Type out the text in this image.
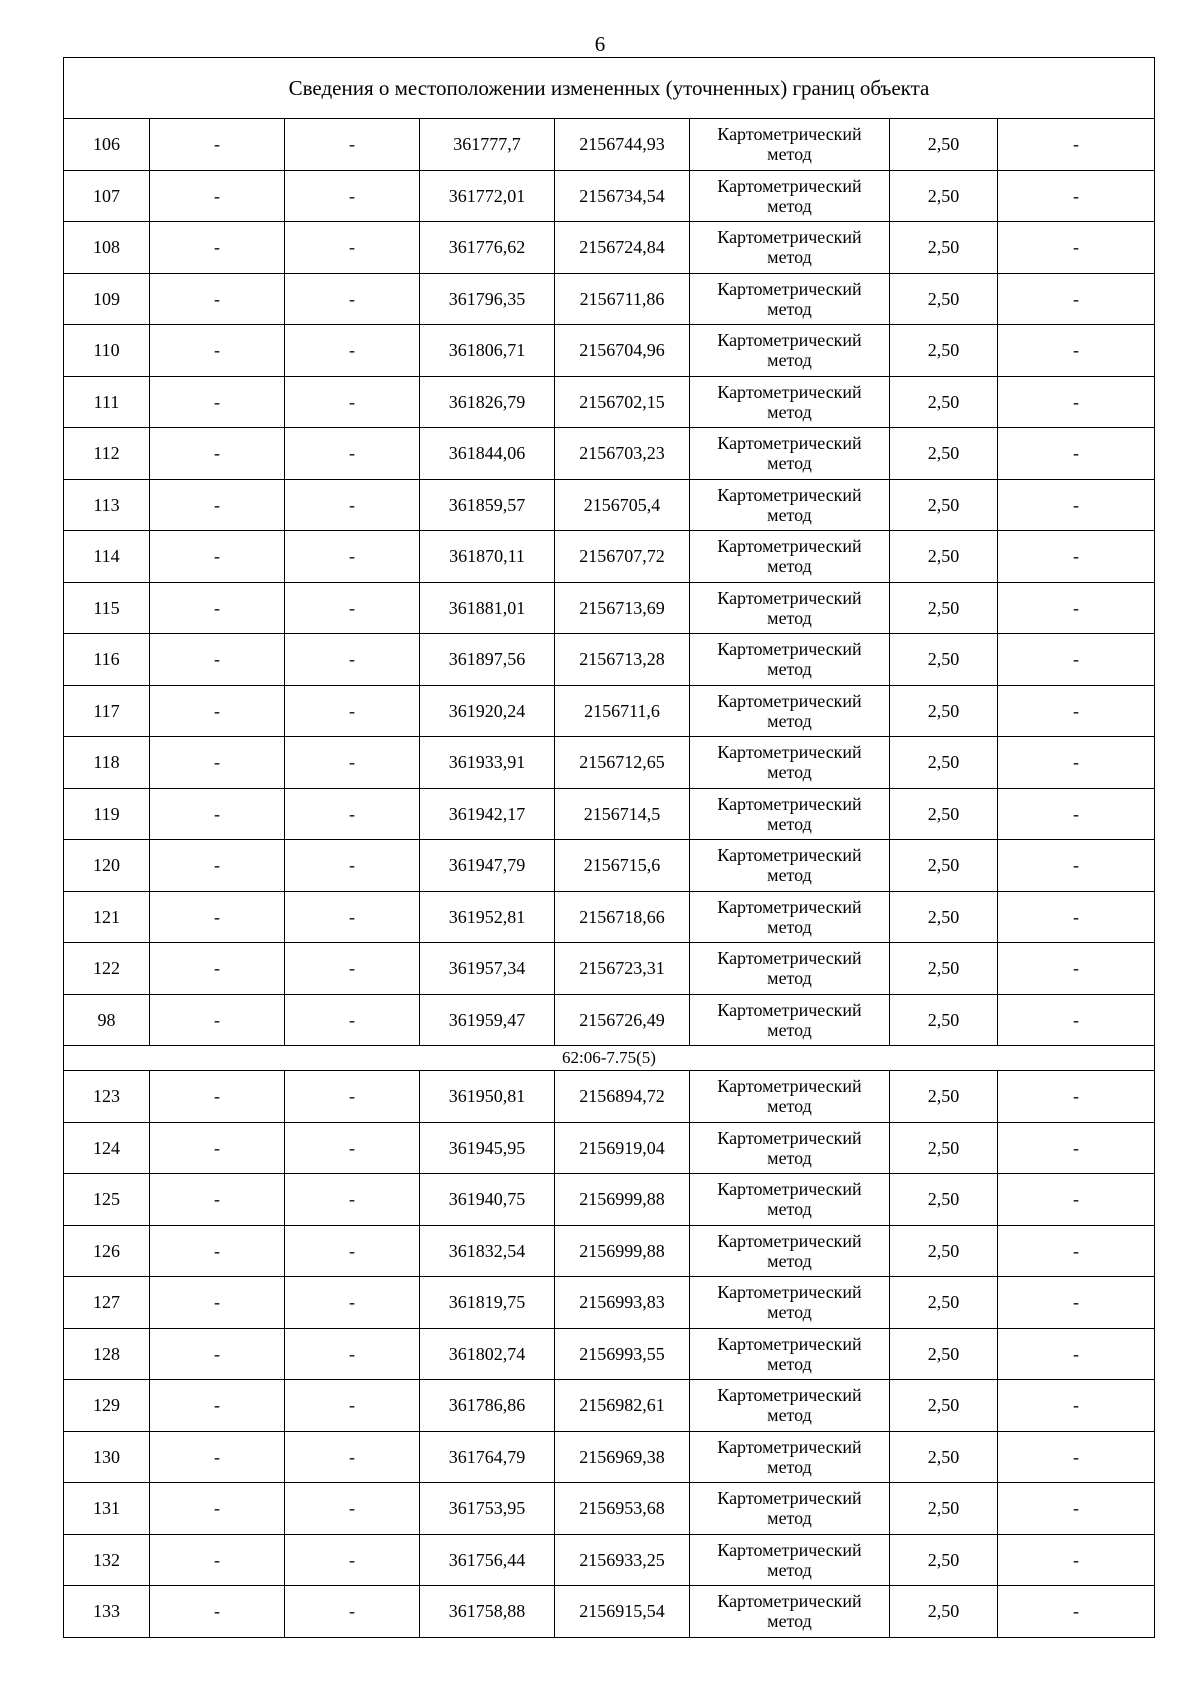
6
Сведения о местоположении измененных (уточненных) границ объекта							
106	-	-	361777,7	2156744,93	Картометрический
метод	2,50	-
107	-	-	361772,01	2156734,54	Картометрический
метод	2,50	-
108	-	-	361776,62	2156724,84	Картометрический
метод	2,50	-
109	-	-	361796,35	2156711,86	Картометрический
метод	2,50	-
110	-	-	361806,71	2156704,96	Картометрический
метод	2,50	-
111	-	-	361826,79	2156702,15	Картометрический
метод	2,50	-
112	-	-	361844,06	2156703,23	Картометрический
метод	2,50	-
113	-	-	361859,57	2156705,4	Картометрический
метод	2,50	-
114	-	-	361870,11	2156707,72	Картометрический
метод	2,50	-
115	-	-	361881,01	2156713,69	Картометрический
метод	2,50	-
116	-	-	361897,56	2156713,28	Картометрический
метод	2,50	-
117	-	-	361920,24	2156711,6	Картометрический
метод	2,50	-
118	-	-	361933,91	2156712,65	Картометрический
метод	2,50	-
119	-	-	361942,17	2156714,5	Картометрический
метод	2,50	-
120	-	-	361947,79	2156715,6	Картометрический
метод	2,50	-
121	-	-	361952,81	2156718,66	Картометрический
метод	2,50	-
122	-	-	361957,34	2156723,31	Картометрический
метод	2,50	-
98	-	-	361959,47	2156726,49	Картометрический
метод	2,50	-
62:06-7.75(5)							
123	-	-	361950,81	2156894,72	Картометрический
метод	2,50	-
124	-	-	361945,95	2156919,04	Картометрический
метод	2,50	-
125	-	-	361940,75	2156999,88	Картометрический
метод	2,50	-
126	-	-	361832,54	2156999,88	Картометрический
метод	2,50	-
127	-	-	361819,75	2156993,83	Картометрический
метод	2,50	-
128	-	-	361802,74	2156993,55	Картометрический
метод	2,50	-
129	-	-	361786,86	2156982,61	Картометрический
метод	2,50	-
130	-	-	361764,79	2156969,38	Картометрический
метод	2,50	-
131	-	-	361753,95	2156953,68	Картометрический
метод	2,50	-
132	-	-	361756,44	2156933,25	Картометрический
метод	2,50	-
133	-	-	361758,88	2156915,54	Картометрический
метод	2,50	-
